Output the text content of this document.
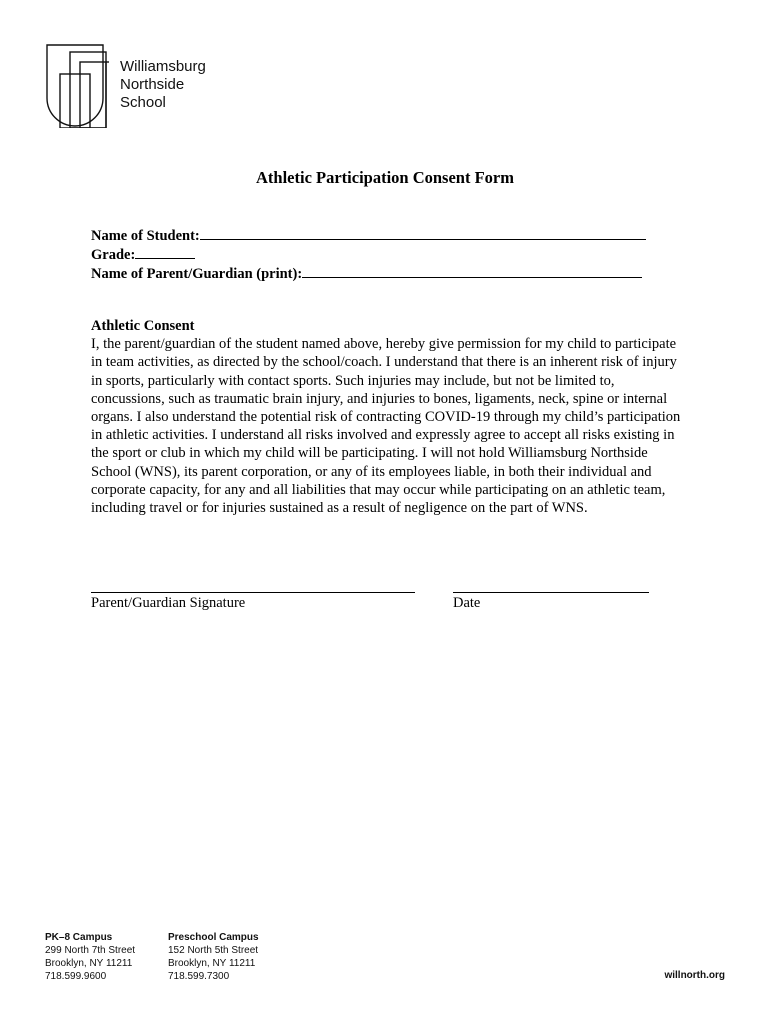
Williamsburg
Northside
School
Athletic Participation Consent Form
Name of Student:
Grade:
Name of Parent/Guardian (print):
Athletic Consent
I, the parent/guardian of the student named above, hereby give permission for my child to participate in team activities, as directed by the school/coach. I understand that there is an inherent risk of injury in sports, particularly with contact sports. Such injuries may include, but not be limited to, concussions, such as traumatic brain injury, and injuries to bones, ligaments, neck, spine or internal organs. I also understand the potential risk of contracting COVID-19 through my child’s participation in athletic activities. I understand all risks involved and expressly agree to accept all risks existing in the sport or club in which my child will be participating. I will not hold Williamsburg Northside School (WNS), its parent corporation, or any of its employees liable, in both their individual and corporate capacity, for any and all liabilities that may occur while participating on an athletic team, including travel or for injuries sustained as a result of negligence on the part of WNS.
Parent/Guardian Signature	Date
PK–8 Campus
299 North 7th Street
Brooklyn, NY 11211
718.599.9600
Preschool Campus
152 North 5th Street
Brooklyn, NY 11211
718.599.7300	willnorth.org
